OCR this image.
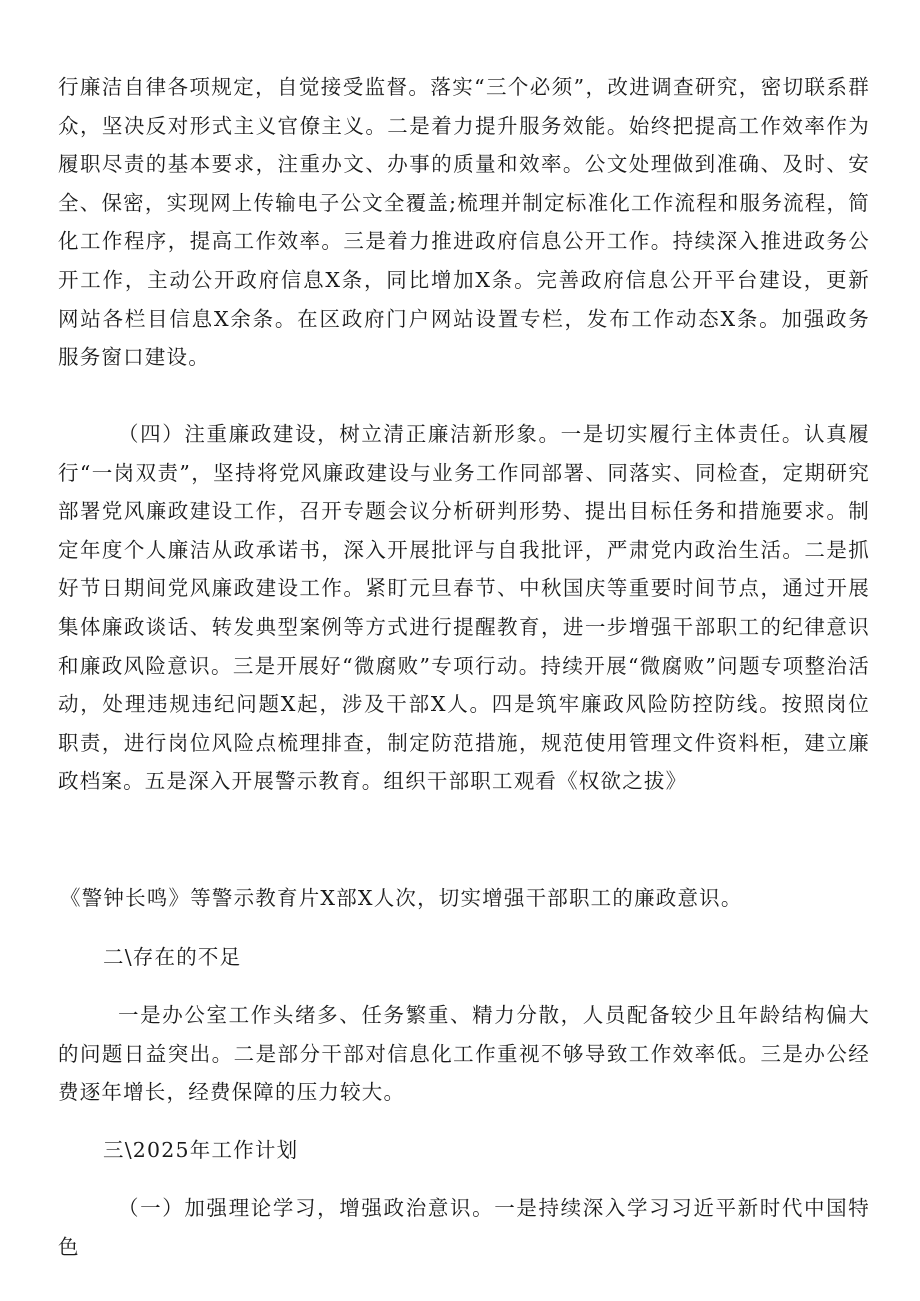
行廉洁自律各项规定，自觉接受监督。落实“三个必须”，改进调查研究，密切联系群众，坚决反对形式主义官僚主义。二是着力提升服务效能。始终把提高工作效率作为履职尽责的基本要求，注重办文、办事的质量和效率。公文处理做到准确、及时、安全、保密，实现网上传输电子公文全覆盖;梳理并制定标准化工作流程和服务流程，简化工作程序，提高工作效率。三是着力推进政府信息公开工作。持续深入推进政务公开工作，主动公开政府信息X条，同比增加X条。完善政府信息公开平台建设，更新网站各栏目信息X余条。在区政府门户网站设置专栏，发布工作动态X条。加强政务服务窗口建设。

（四）注重廉政建设，树立清正廉洁新形象。一是切实履行主体责任。认真履行“一岗双责”，坚持将党风廉政建设与业务工作同部署、同落实、同检查，定期研究部署党风廉政建设工作，召开专题会议分析研判形势、提出目标任务和措施要求。制定年度个人廉洁从政承诺书，深入开展批评与自我批评，严肃党内政治生活。二是抓好节日期间党风廉政建设工作。紧盯元旦春节、中秋国庆等重要时间节点，通过开展集体廉政谈话、转发典型案例等方式进行提醒教育，进一步增强干部职工的纪律意识和廉政风险意识。三是开展好“微腐败”专项行动。持续开展“微腐败”问题专项整治活动，处理违规违纪问题X起，涉及干部X人。四是筑牢廉政风险防控防线。按照岗位职责，进行岗位风险点梳理排查，制定防范措施，规范使用管理文件资料柜，建立廉政档案。五是深入开展警示教育。组织干部职工观看《权欲之拔》

《警钟长鸣》等警示教育片X部X人次，切实增强干部职工的廉政意识。

二\存在的不足

一是办公室工作头绪多、任务繁重、精力分散，人员配备较少且年龄结构偏大的问题日益突出。二是部分干部对信息化工作重视不够导致工作效率低。三是办公经费逐年增长，经费保障的压力较大。

三\2025年工作计划

（一）加强理论学习，增强政治意识。一是持续深入学习习近平新时代中国特色
